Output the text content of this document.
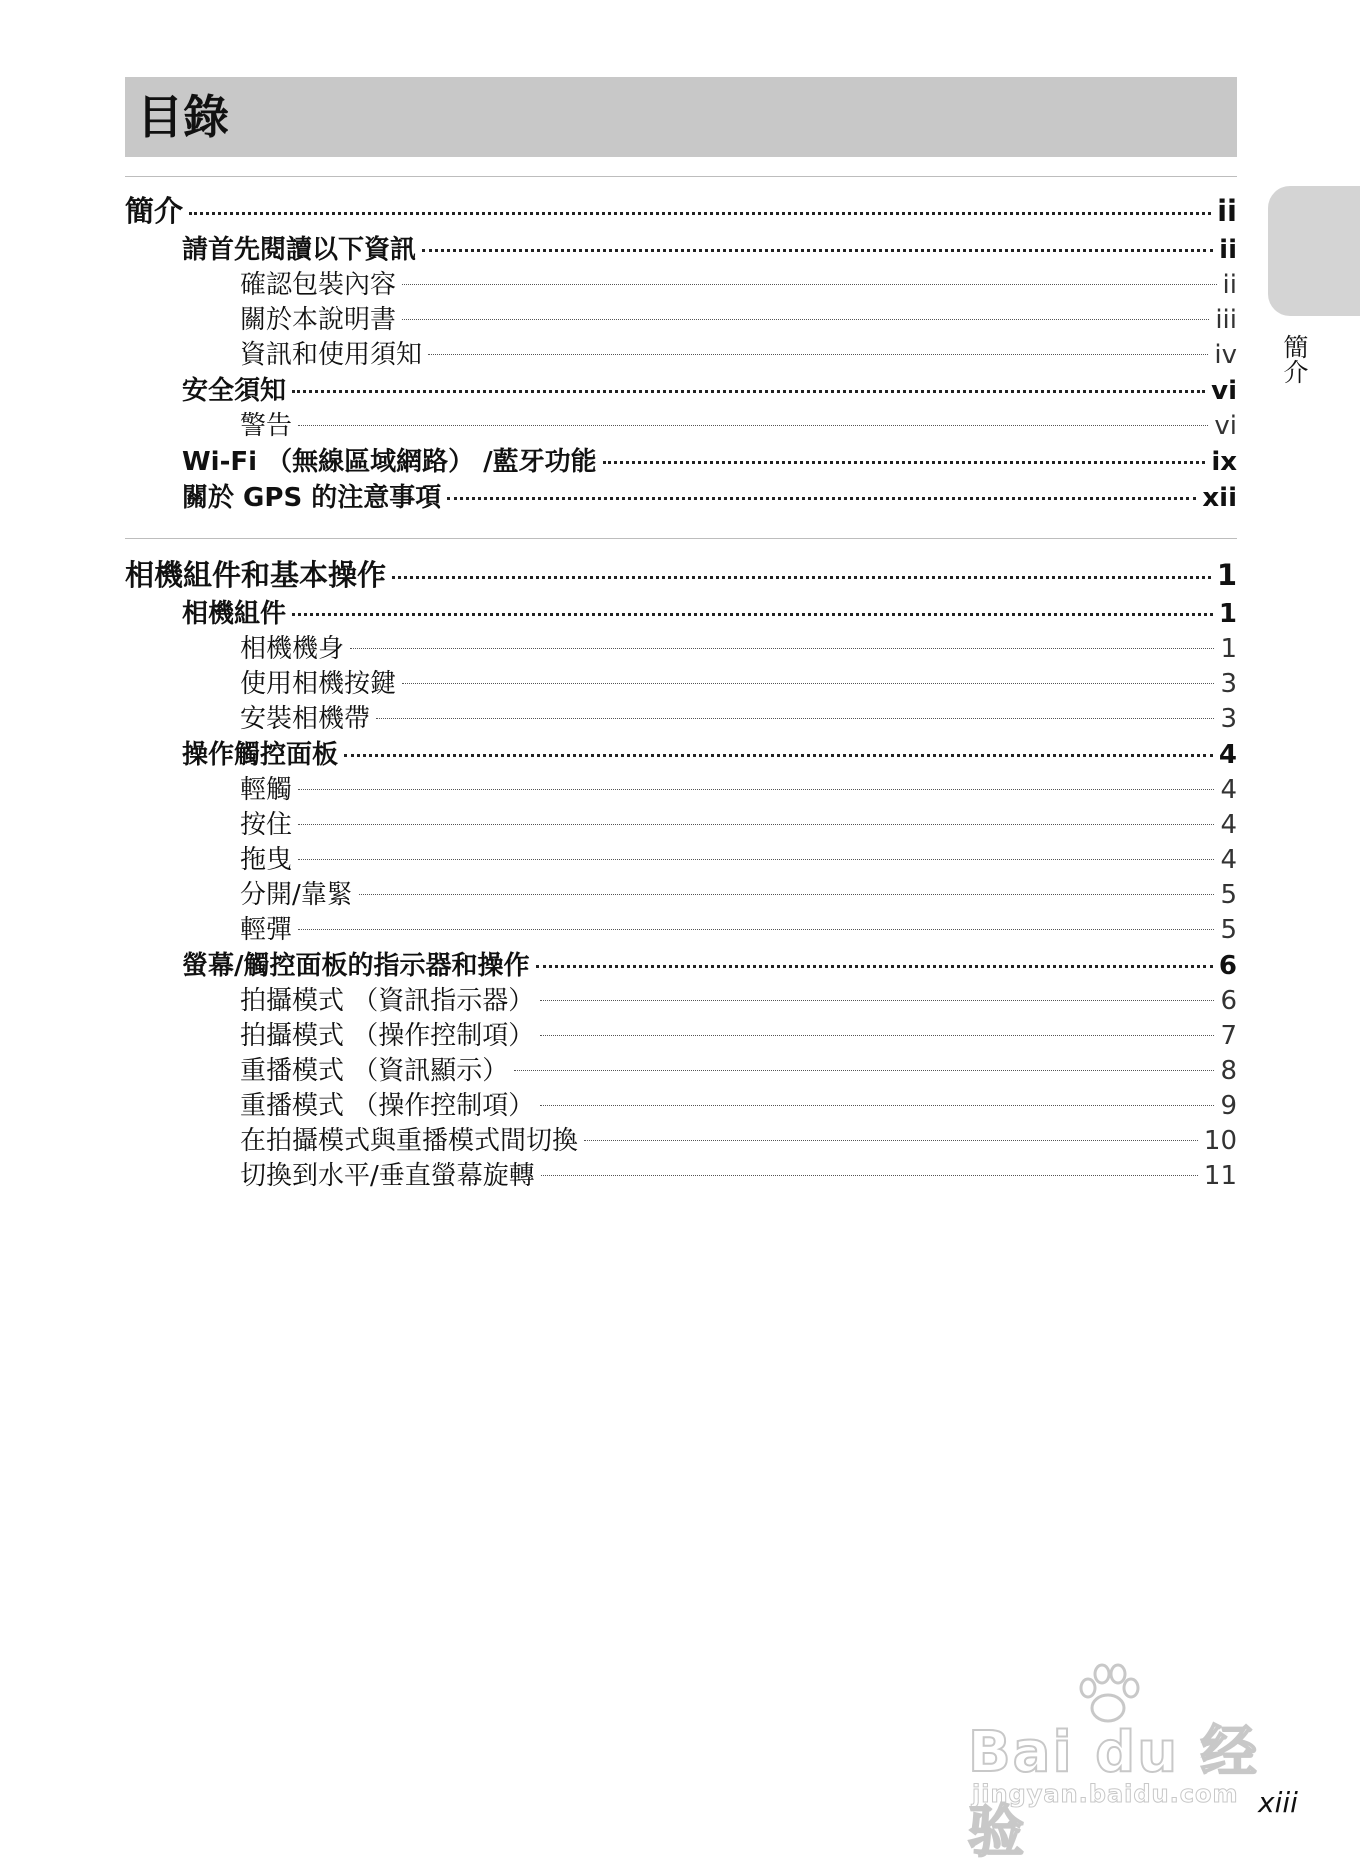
目錄
簡介
簡介	ii
請首先閱讀以下資訊	ii
確認包裝內容	ii
關於本說明書	iii
資訊和使用須知	iv
安全須知	vi
警告	vi
Wi-Fi （無線區域網路） /藍牙功能	ix
關於 GPS 的注意事項	xii
相機組件和基本操作	1
相機組件	1
相機機身	1
使用相機按鍵	3
安裝相機帶	3
操作觸控面板	4
輕觸	4
按住	4
拖曳	4
分開/靠緊	5
輕彈	5
螢幕/觸控面板的指示器和操作	6
拍攝模式 （資訊指示器）	6
拍攝模式 （操作控制項）	7
重播模式 （資訊顯示）	8
重播模式 （操作控制項）	9
在拍攝模式與重播模式間切換	10
切換到水平/垂直螢幕旋轉	11
Bai du 经验
jingyan.baidu.com xiii
